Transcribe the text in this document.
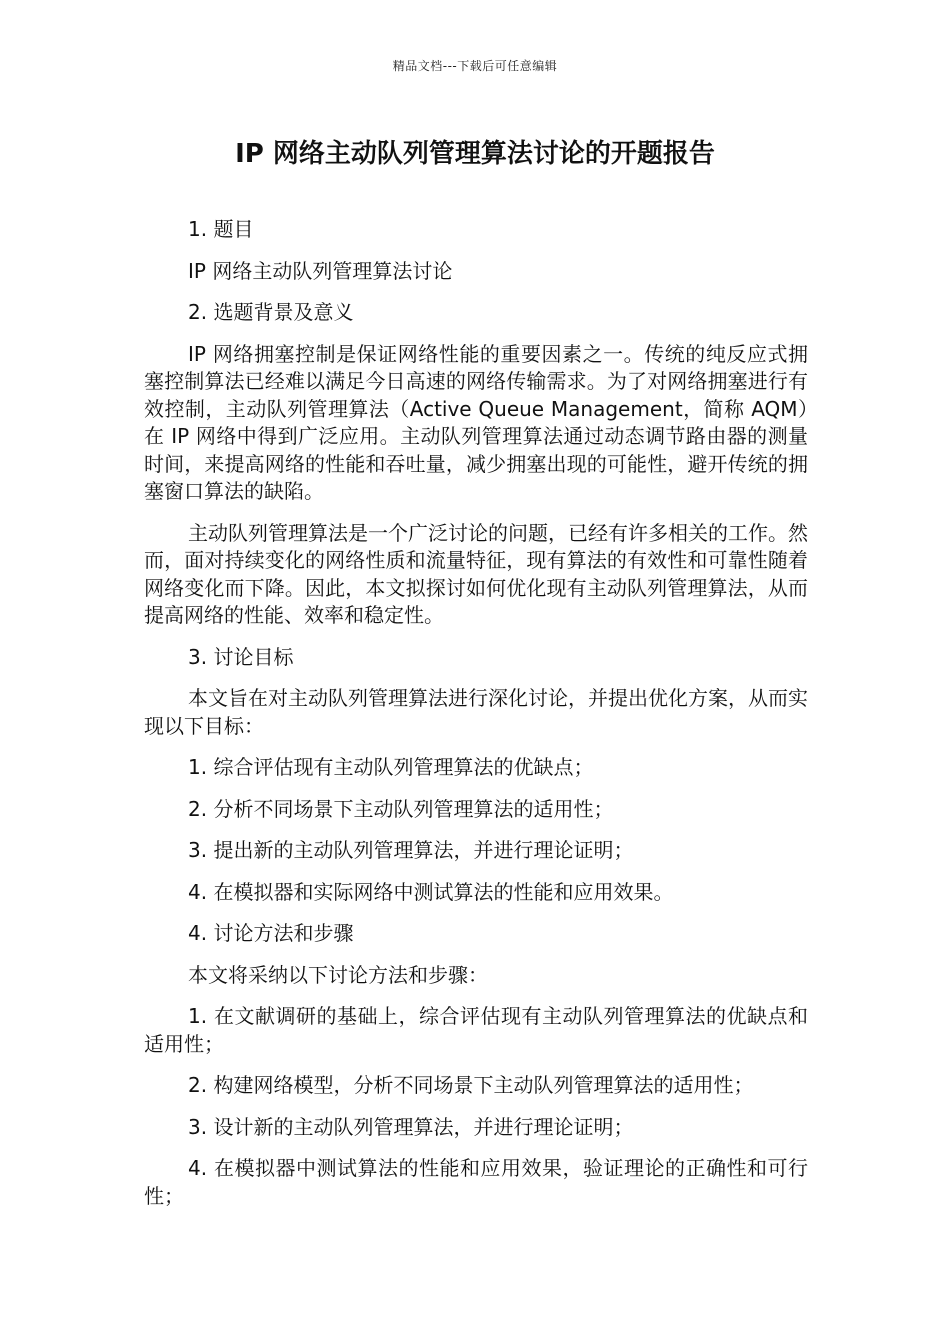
精品文档---下载后可任意编辑
IP 网络主动队列管理算法讨论的开题报告

1. 题目

IP 网络主动队列管理算法讨论

2. 选题背景及意义

IP 网络拥塞控制是保证网络性能的重要因素之一。传统的纯反应式拥塞控制算法已经难以满足今日高速的网络传输需求。为了对网络拥塞进行有效控制，主动队列管理算法（Active Queue Management，简称 AQM）在 IP 网络中得到广泛应用。主动队列管理算法通过动态调节路由器的测量时间，来提高网络的性能和吞吐量，减少拥塞出现的可能性，避开传统的拥塞窗口算法的缺陷。

主动队列管理算法是一个广泛讨论的问题，已经有许多相关的工作。然而，面对持续变化的网络性质和流量特征，现有算法的有效性和可靠性随着网络变化而下降。因此，本文拟探讨如何优化现有主动队列管理算法，从而提高网络的性能、效率和稳定性。

3. 讨论目标

本文旨在对主动队列管理算法进行深化讨论，并提出优化方案，从而实现以下目标：

1. 综合评估现有主动队列管理算法的优缺点；

2. 分析不同场景下主动队列管理算法的适用性；

3. 提出新的主动队列管理算法，并进行理论证明；

4. 在模拟器和实际网络中测试算法的性能和应用效果。

4. 讨论方法和步骤

本文将采纳以下讨论方法和步骤：

1. 在文献调研的基础上，综合评估现有主动队列管理算法的优缺点和适用性；

2. 构建网络模型，分析不同场景下主动队列管理算法的适用性；

3. 设计新的主动队列管理算法，并进行理论证明；

4. 在模拟器中测试算法的性能和应用效果，验证理论的正确性和可行性；
